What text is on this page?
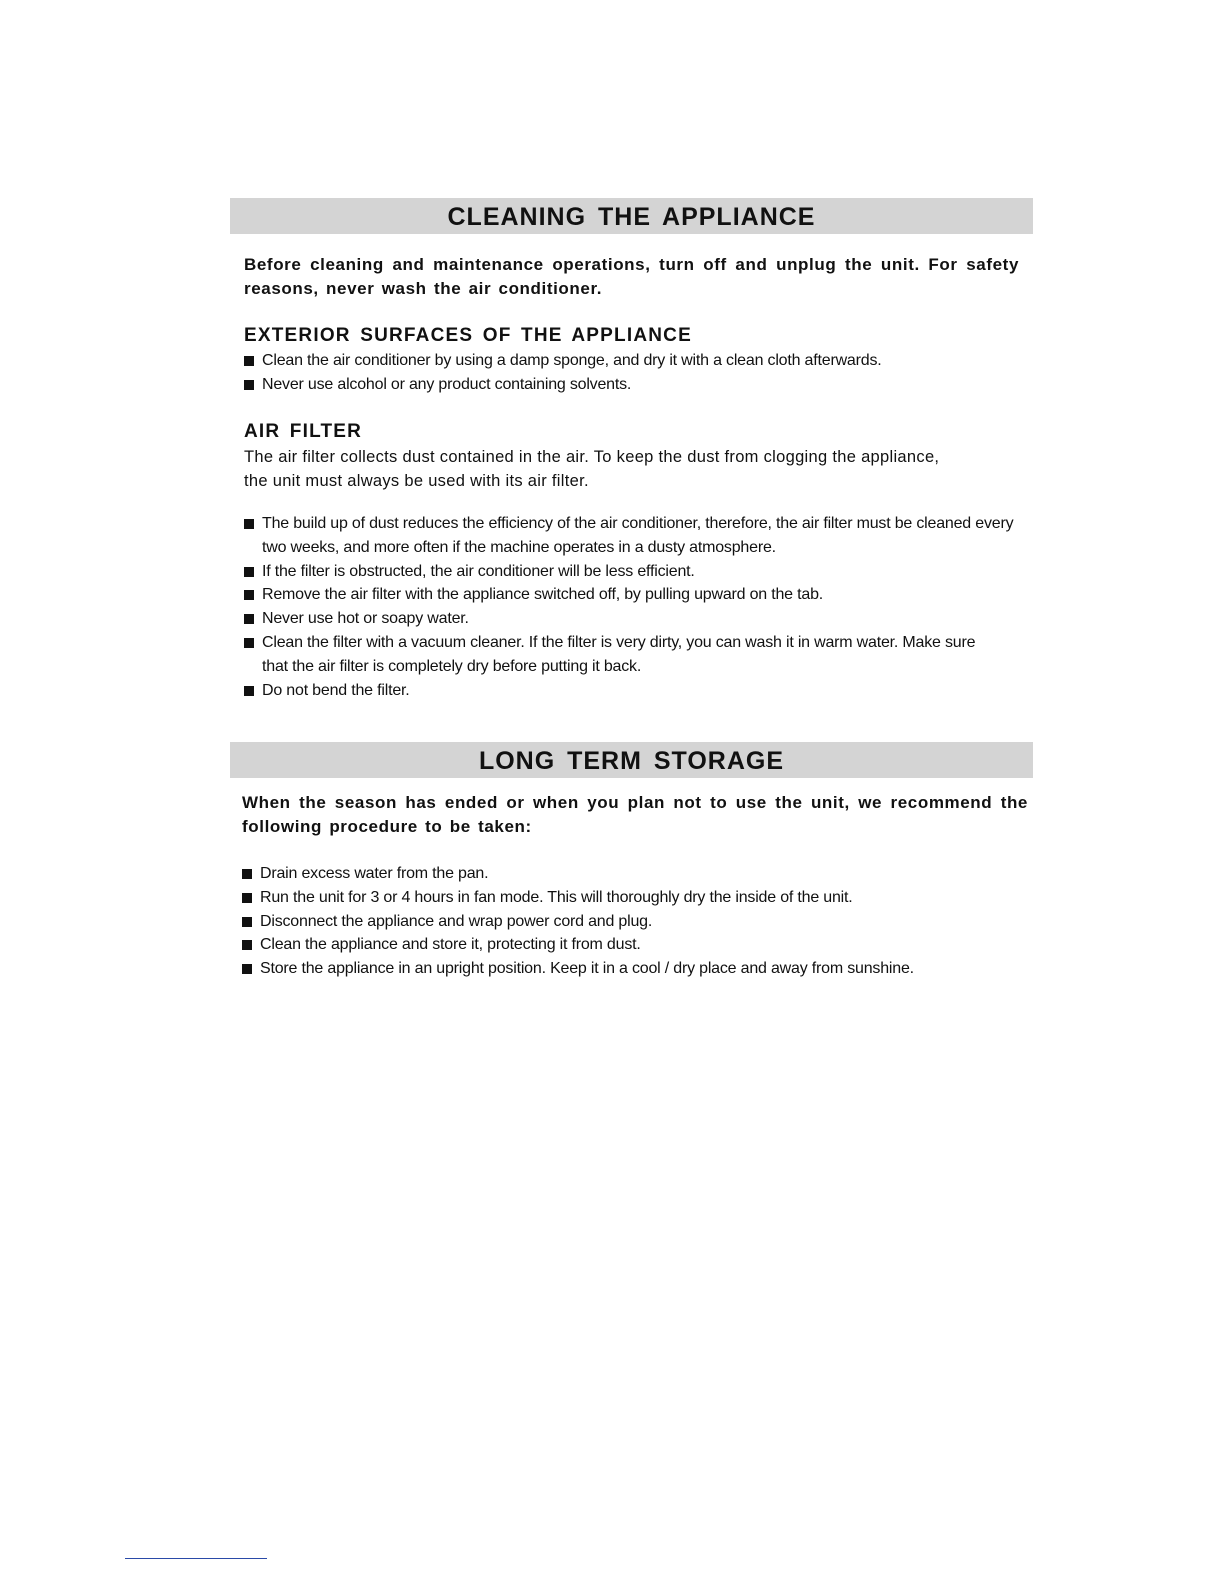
CLEANING THE APPLIANCE

Before cleaning and maintenance operations, turn off and unplug the unit. For safety reasons, never wash the air conditioner.

EXTERIOR SURFACES OF THE APPLIANCE

Clean the air conditioner by using a damp sponge, and dry it with a clean cloth afterwards.
Never use alcohol or any product containing solvents.

AIR FILTER

The air filter collects dust contained in the air. To keep the dust from clogging the appliance, the unit must always be used with its air filter.

The build up of dust reduces the efficiency of the air conditioner, therefore, the air filter must be cleaned every two weeks, and more often if the machine operates in a dusty atmosphere.
If the filter is obstructed, the air conditioner will be less efficient.
Remove the air filter with the appliance switched off, by pulling upward on the tab.
Never use hot or soapy water.
Clean the filter with a vacuum cleaner. If the filter is very dirty, you can wash it in warm water. Make sure that the air filter is completely dry before putting it back.
Do not bend the filter.
LONG TERM STORAGE

When the season has ended or when you plan not to use the unit, we recommend the following procedure to be taken:

Drain excess water from the pan.
Run the unit for 3 or 4 hours in fan mode. This will thoroughly dry the inside of the unit.
Disconnect the appliance and wrap power cord and plug.
Clean the appliance and store it, protecting it from dust.
Store the appliance in an upright position. Keep it in a cool / dry place and away from sunshine.
